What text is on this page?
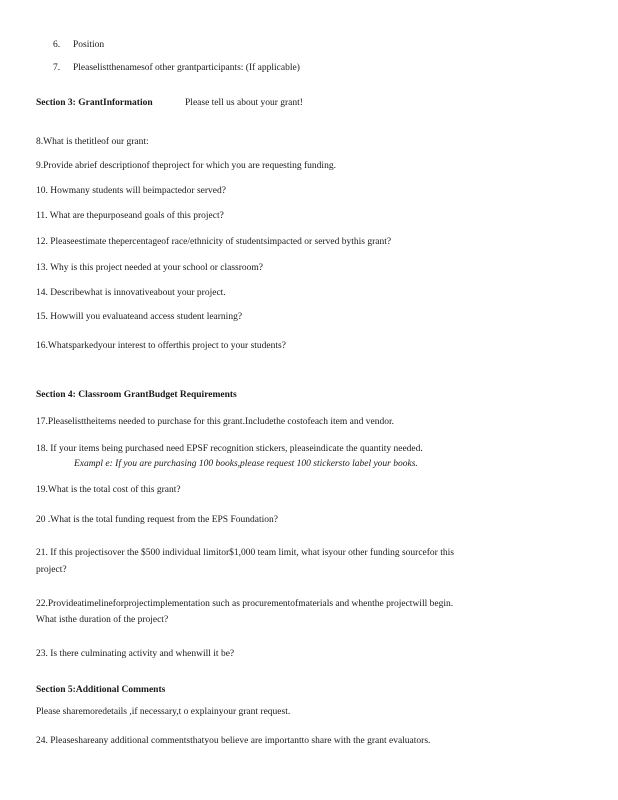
6. Position
7. Pleaselistthenamesof other grantparticipants: (If applicable)
Section 3: GrantInformation	Please tell us about your grant!
8.What is thetitleof our grant:
9.Provide abrief descriptionof theproject for which you are requesting funding.
10. Howmany students will beimpactedor served?
11. What are thepurposeand goals of this project?
12. Pleaseestimate thepercentageof race/ethnicity of studentsimpacted or served bythis grant?
13. Why is this project needed at your school or classroom?
14. Describewhat is innovativeabout your project.
15. Howwill you evaluateand access student learning?
16.Whatsparkedyour interest to offerthis project to your students?
Section 4: Classroom GrantBudget Requirements
17.Pleaselisttheitems needed to purchase for this grant.Includethe costofeach item and vendor.
18. If your items being purchased need EPSF recognition stickers, pleaseindicate the quantity needed.
Exampl e: If you are purchasing 100 books,please request 100 stickersto label your books.
19.What is the total cost of this grant?
20 .What is the total funding request from the EPS Foundation?
21. If this projectisover the $500 individual limitor$1,000 team limit, what isyour other funding sourcefor this
project?
22.Provideatimelineforprojectimplementation such as procurementofmaterials and whenthe projectwill begin.
What isthe duration of the project?
23. Is there culminating activity and whenwill it be?
Section 5:Additional Comments
Please sharemoredetails ,if necessary,t o explainyour grant request.
24. Pleaseshareany additional commentsthatyou believe are importantto share with the grant evaluators.
